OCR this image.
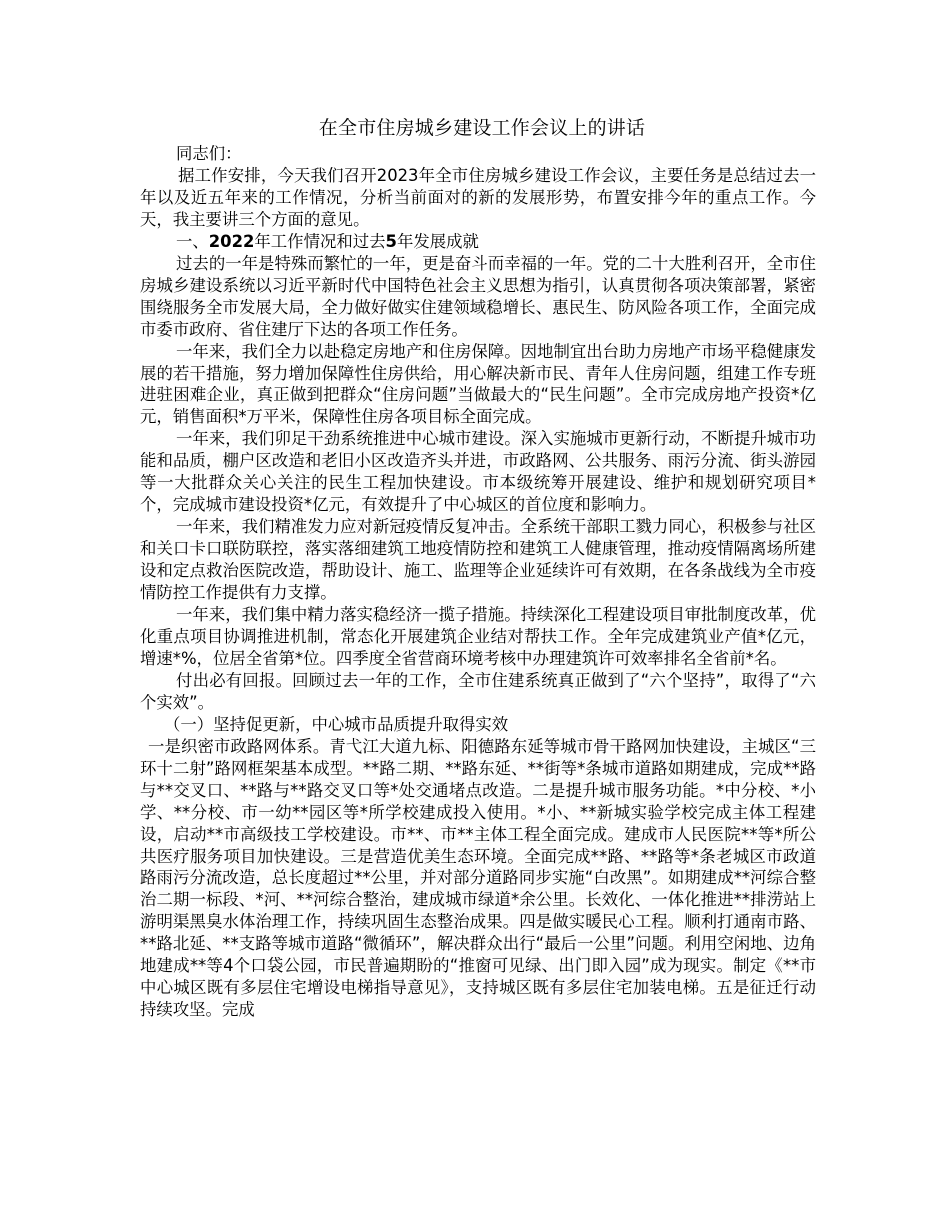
在全市住房城乡建设工作会议上的讲话

同志们：

据工作安排，今天我们召开2023年全市住房城乡建设工作会议，主要任务是总结过去一年以及近五年来的工作情况，分析当前面对的新的发展形势，布置安排今年的重点工作。今天，我主要讲三个方面的意见。

一、2022年工作情况和过去5年发展成就

过去的一年是特殊而繁忙的一年，更是奋斗而幸福的一年。党的二十大胜利召开，全市住房城乡建设系统以习近平新时代中国特色社会主义思想为指引，认真贯彻各项决策部署，紧密围绕服务全市发展大局，全力做好做实住建领域稳增长、惠民生、防风险各项工作，全面完成市委市政府、省住建厅下达的各项工作任务。

一年来，我们全力以赴稳定房地产和住房保障。因地制宜出台助力房地产市场平稳健康发展的若干措施，努力增加保障性住房供给，用心解决新市民、青年人住房问题，组建工作专班进驻困难企业，真正做到把群众“住房问题”当做最大的“民生问题”。全市完成房地产投资*亿元，销售面积*万平米，保障性住房各项目标全面完成。

一年来，我们卯足干劲系统推进中心城市建设。深入实施城市更新行动，不断提升城市功能和品质，棚户区改造和老旧小区改造齐头并进，市政路网、公共服务、雨污分流、街头游园等一大批群众关心关注的民生工程加快建设。市本级统筹开展建设、维护和规划研究项目*个，完成城市建设投资*亿元，有效提升了中心城区的首位度和影响力。

一年来，我们精准发力应对新冠疫情反复冲击。全系统干部职工戮力同心，积极参与社区和关口卡口联防联控，落实落细建筑工地疫情防控和建筑工人健康管理，推动疫情隔离场所建设和定点救治医院改造，帮助设计、施工、监理等企业延续许可有效期，在各条战线为全市疫情防控工作提供有力支撑。

一年来，我们集中精力落实稳经济一揽子措施。持续深化工程建设项目审批制度改革，优化重点项目协调推进机制，常态化开展建筑企业结对帮扶工作。全年完成建筑业产值*亿元，增速*%，位居全省第*位。四季度全省营商环境考核中办理建筑许可效率排名全省前*名。

付出必有回报。回顾过去一年的工作，全市住建系统真正做到了“六个坚持”，取得了“六个实效”。

（一）坚持促更新，中心城市品质提升取得实效

一是织密市政路网体系。青弋江大道九标、阳德路东延等城市骨干路网加快建设，主城区“三环十二射”路网框架基本成型。**路二期、**路东延、**街等*条城市道路如期建成，完成**路与**交叉口、**路与**路交叉口等*处交通堵点改造。二是提升城市服务功能。*中分校、*小学、**分校、市一幼**园区等*所学校建成投入使用。*小、**新城实验学校完成主体工程建设，启动**市高级技工学校建设。市**、市**主体工程全面完成。建成市人民医院**等*所公共医疗服务项目加快建设。三是营造优美生态环境。全面完成**路、**路等*条老城区市政道路雨污分流改造，总长度超过**公里，并对部分道路同步实施“白改黑”。如期建成**河综合整治二期一标段、*河、**河综合整治，建成城市绿道*余公里。长效化、一体化推进**排涝站上游明渠黑臭水体治理工作，持续巩固生态整治成果。四是做实暖民心工程。顺利打通南市路、**路北延、**支路等城市道路“微循环”，解决群众出行“最后一公里”问题。利用空闲地、边角地建成**等4个口袋公园，市民普遍期盼的“推窗可见绿、出门即入园”成为现实。制定《**市中心城区既有多层住宅增设电梯指导意见》，支持城区既有多层住宅加装电梯。五是征迁行动持续攻坚。完成
